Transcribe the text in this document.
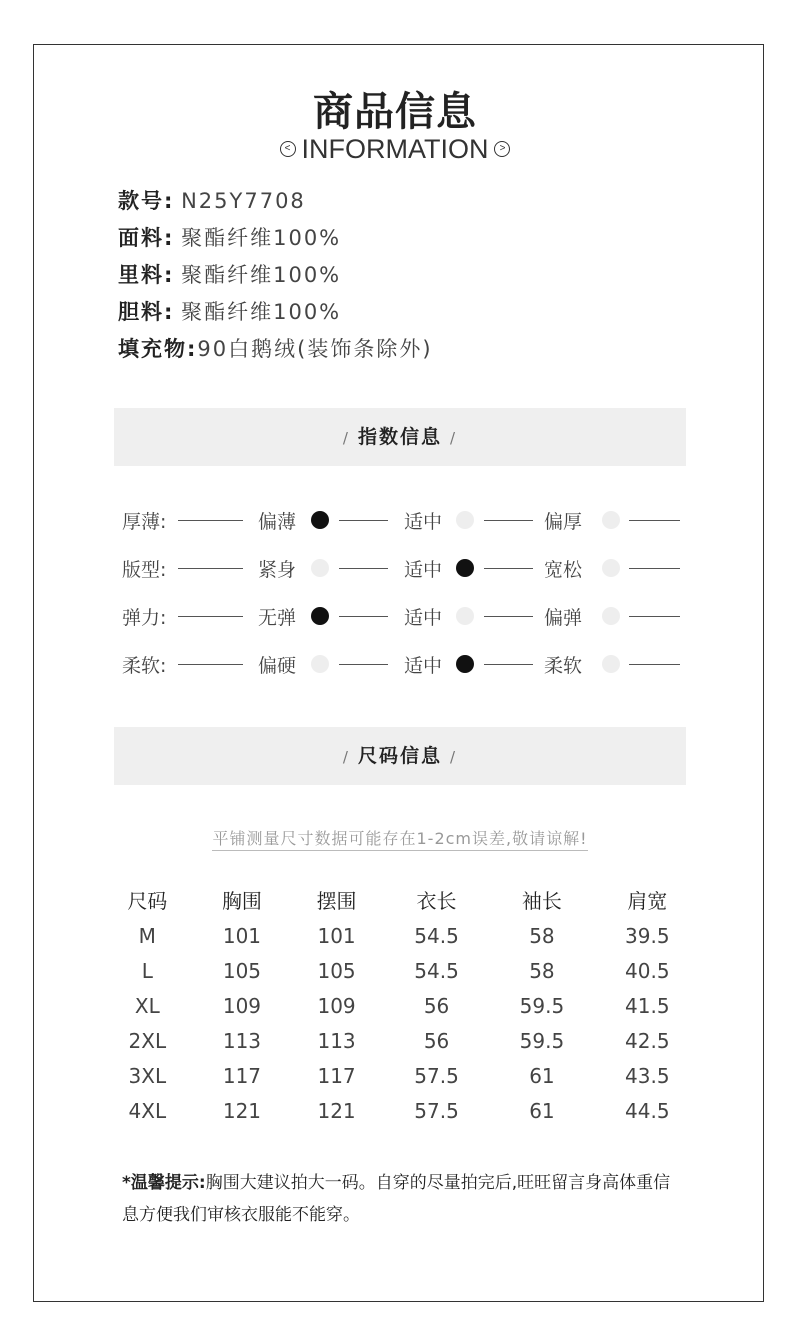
商品信息
< INFORMATION >
款号: N25Y7708
面料: 聚酯纤维100%
里料: 聚酯纤维100%
胆料: 聚酯纤维100%
填充物:90白鹅绒(装饰条除外)
/ 指数信息 /
厚薄:	偏薄	适中	偏厚
版型:	紧身	适中	宽松
弹力:	无弹	适中	偏弹
柔软:	偏硬	适中	柔软
/ 尺码信息 /
平铺测量尺寸数据可能存在1-2cm误差,敬请谅解!
尺码	胸围	摆围	衣长	袖长	肩宽
M	101	101	54.5	58	39.5
L	105	105	54.5	58	40.5
XL	109	109	56	59.5	41.5
2XL	113	113	56	59.5	42.5
3XL	117	117	57.5	61	43.5
4XL	121	121	57.5	61	44.5
*温馨提示:胸围大建议拍大一码。自穿的尽量拍完后,旺旺留言身高体重信息方便我们审核衣服能不能穿。
